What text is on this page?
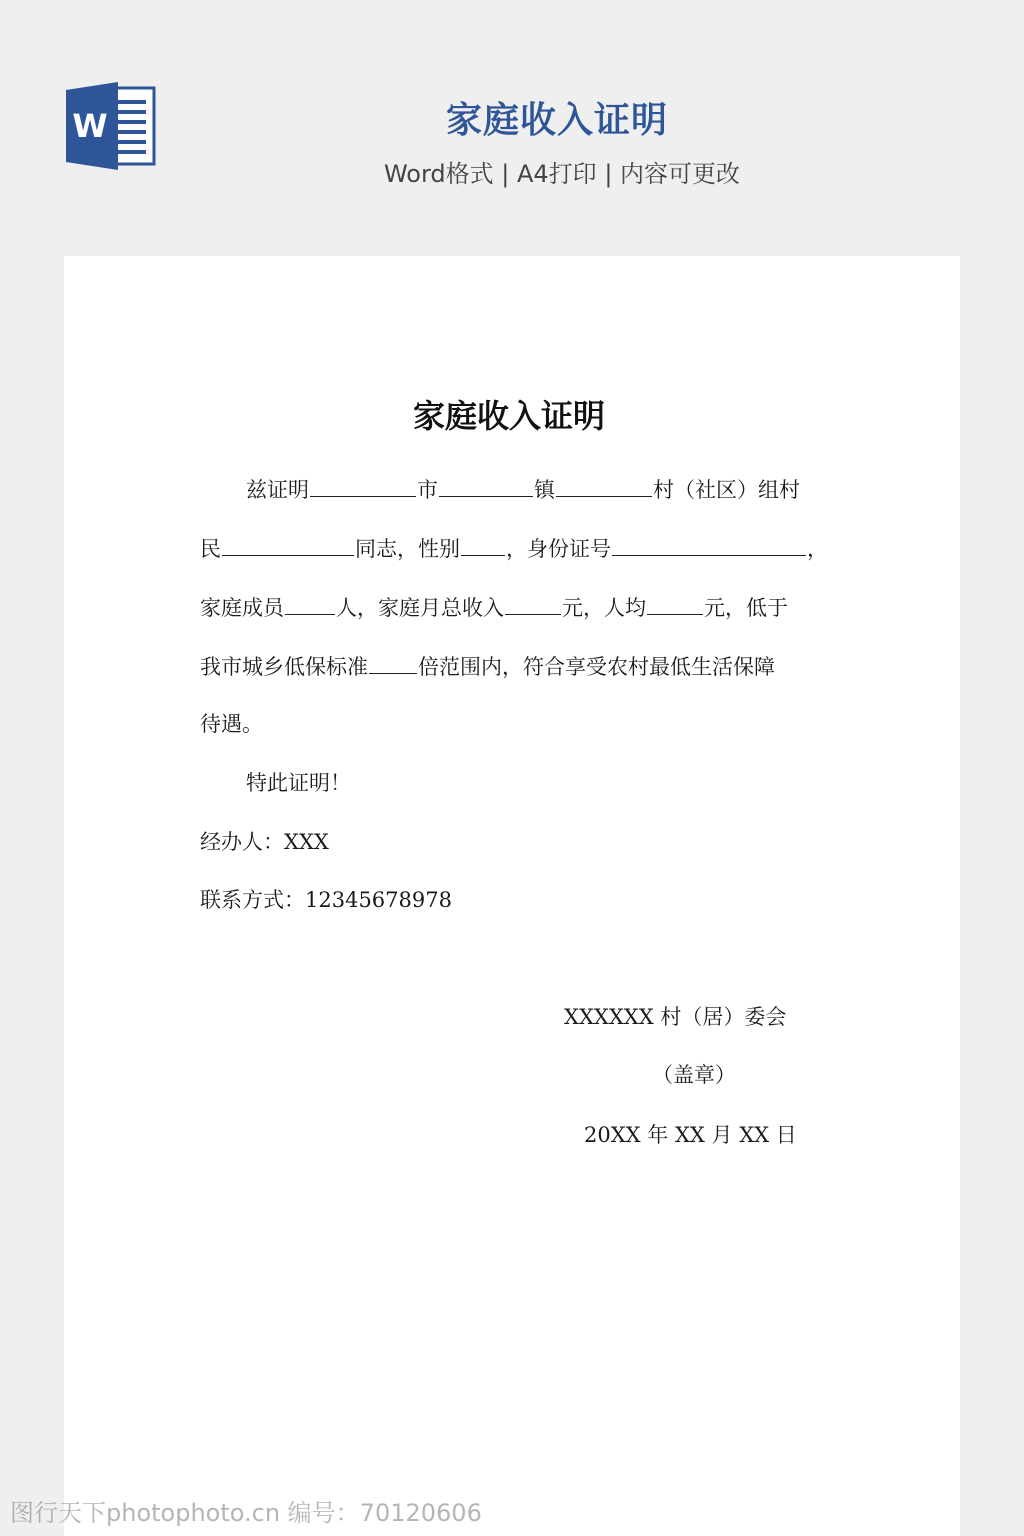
W	家庭收入证明
Word格式 | A4打印 | 内容可更改
家庭收入证明
兹证明	市	镇	村（社区）组村
民	同志，性别 ，身份证号	，
家庭成员 人，家庭月总收入	元，人均	元，低于
我市城乡低保标准 倍范围内，符合享受农村最低生活保障
待遇。
特此证明！
经办人：XXX
联系方式：12345678978
XXXXXX 村（居）委会
（盖章）
20XX 年 XX 月 XX 日
图行天下photophoto.cn 编号：70120606
